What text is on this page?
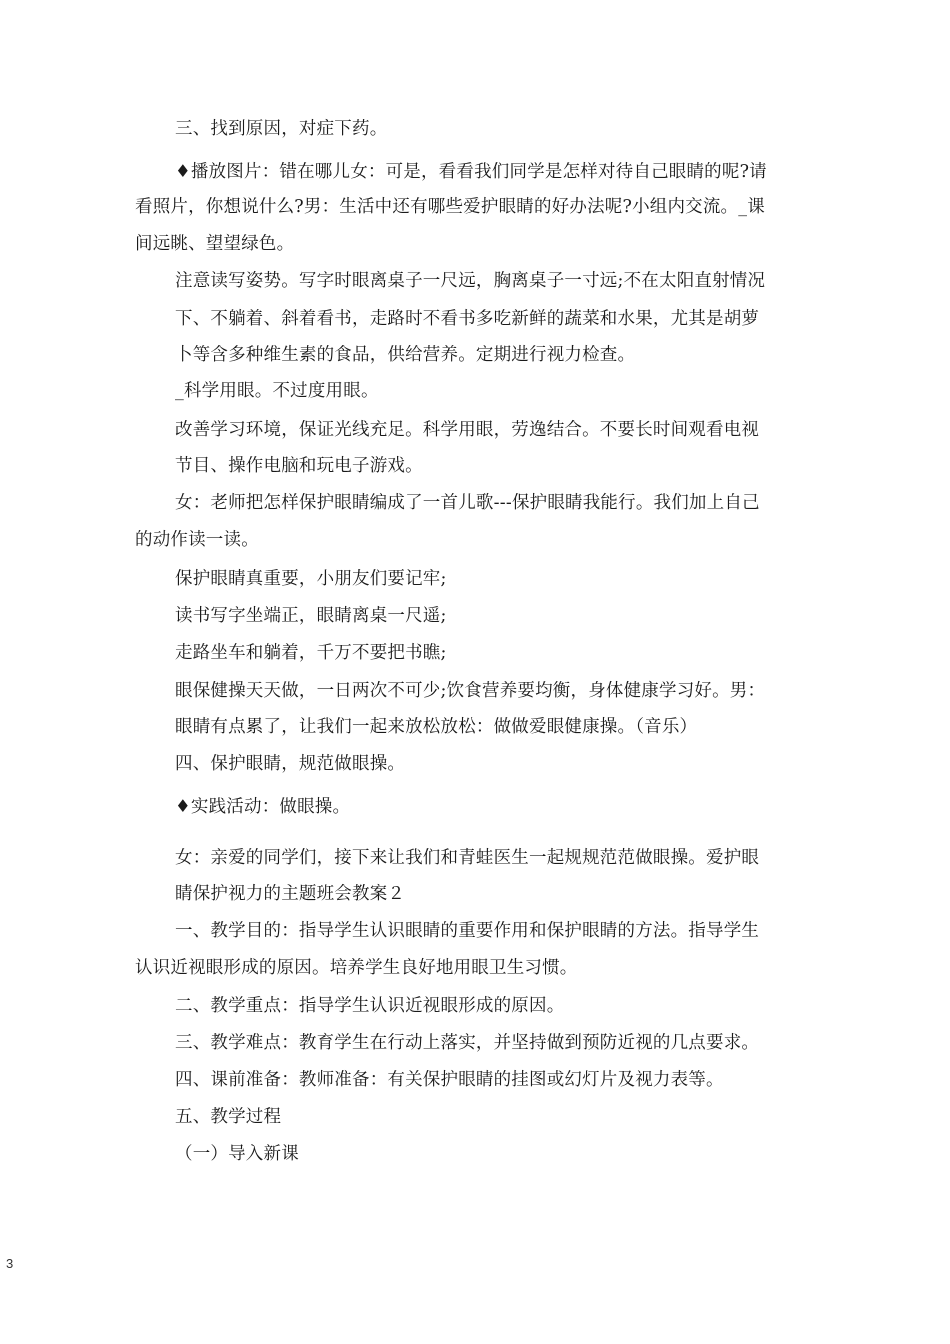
三、找到原因，对症下药。
♦播放图片：错在哪儿女：可是，看看我们同学是怎样对待自己眼睛的呢?请
看照片，你想说什么?男：生活中还有哪些爱护眼睛的好办法呢?小组内交流。_课
间远眺、望望绿色。
注意读写姿势。写字时眼离桌子一尺远，胸离桌子一寸远;不在太阳直射情况
下、不躺着、斜着看书，走路时不看书多吃新鲜的蔬菜和水果，尤其是胡萝
卜等含多种维生素的食品，供给营养。定期进行视力检查。
_科学用眼。不过度用眼。
改善学习环境，保证光线充足。科学用眼，劳逸结合。不要长时间观看电视
节目、操作电脑和玩电子游戏。
女：老师把怎样保护眼睛编成了一首儿歌---保护眼睛我能行。我们加上自己
的动作读一读。
保护眼睛真重要，小朋友们要记牢;
读书写字坐端正，眼睛离桌一尺遥;
走路坐车和躺着，千万不要把书瞧;
眼保健操天天做，一日两次不可少;饮食营养要均衡，身体健康学习好。男：
眼睛有点累了，让我们一起来放松放松：做做爱眼健康操。（音乐）
四、保护眼睛，规范做眼操。
♦实践活动：做眼操。
女：亲爱的同学们，接下来让我们和青蛙医生一起规规范范做眼操。爱护眼
睛保护视力的主题班会教案２
一、教学目的：指导学生认识眼睛的重要作用和保护眼睛的方法。指导学生
认识近视眼形成的原因。培养学生良好地用眼卫生习惯。
二、教学重点：指导学生认识近视眼形成的原因。
三、教学难点：教育学生在行动上落实，并坚持做到预防近视的几点要求。
四、课前准备：教师准备：有关保护眼睛的挂图或幻灯片及视力表等。
五、教学过程
（一）导入新课
3
